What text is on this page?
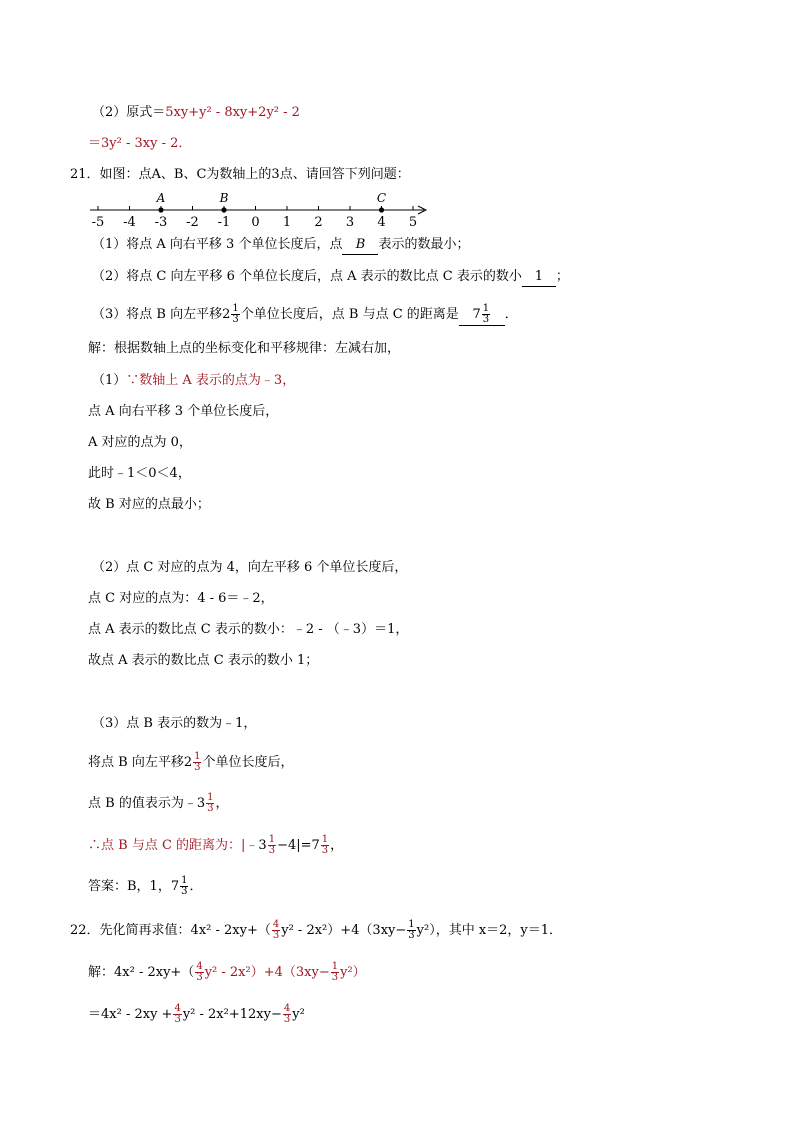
（2）原式＝5xy+y² - 8xy+2y² - 2
＝3y² - 3xy - 2．
21．如图：点A、B、C为数轴上的3点、请回答下列问题：
-5 -4 -3 -2 -1 0 1 2 3 4 5
A	B	C
（1）将点 A 向右平移 3 个单位长度后，点 B 表示的数最小；
（2）将点 C 向左平移 6 个单位长度后，点 A 表示的数比点 C 表示的数小 1 ；
（3）将点 B 向左平移$2 \frac{1}{3}$ 个单位长度后，点 B 与点 C 的距离是 $7 \frac{1}{3}$ ．
解：根据数轴上点的坐标变化和平移规律：左减右加，
（1）∵数轴上 A 表示的点为﹣3，
点 A 向右平移 3 个单位长度后，
A 对应的点为 0，
此时﹣1＜0＜4，
故 B 对应的点最小；
（2）点 C 对应的点为 4，向左平移 6 个单位长度后，
点 C 对应的点为：4 - 6＝﹣2，
点 A 表示的数比点 C 表示的数小：﹣2 - （﹣3）＝1，
故点 A 表示的数比点 C 表示的数小 1；
（3）点 B 表示的数为﹣1，
将点 B 向左平移$2 \frac{1}{3}$ 个单位长度后，
点 B 的值表示为﹣3 $\frac{1}{3}$ ，
∴点 B 与点 C 的距离为：|﹣3 $\frac{1}{3} -4|=7 \frac{1}{3}$ ，
答案：B，1，$7 \frac{1}{3}$ ．
22．先化简再求值：$4x^2 - 2xy+( \frac{4}{3} y^2 - 2x^2)+4(3xy- \frac{1}{3} y^2)$，其中 x＝2，y＝1．
解：$4x^2 - 2xy+( \frac{4}{3} y^2 - 2x^2)+4(3xy- \frac{1}{3} y^2)$
$=4x^2 - 2xy + \frac{4}{3} y^2 - 2x^2+12xy- \frac{4}{3} y^2$
